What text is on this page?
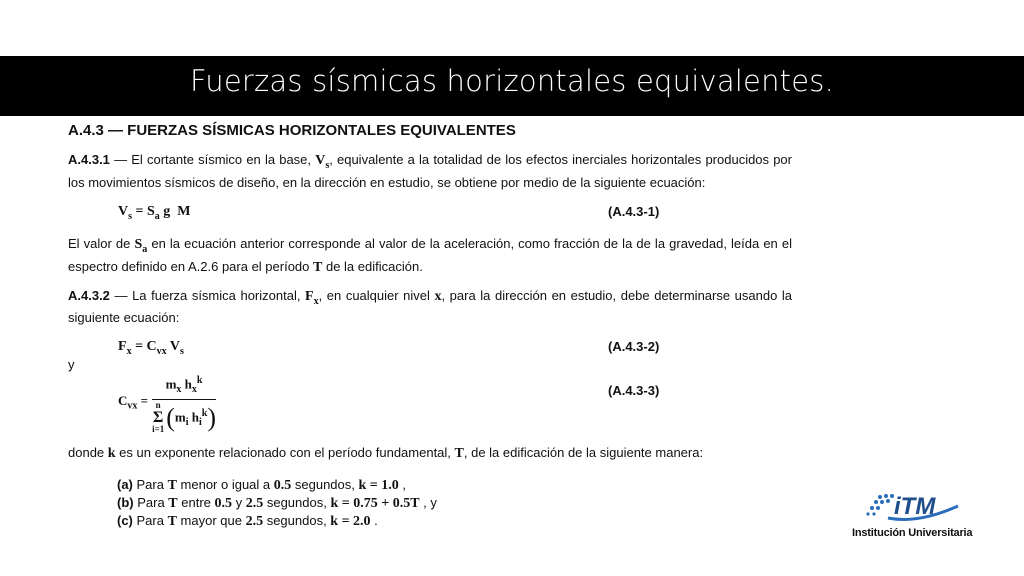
Fuerzas sísmicas horizontales equivalentes.
A.4.3 — FUERZAS SÍSMICAS HORIZONTALES EQUIVALENTES

A.4.3.1 — El cortante sísmico en la base, $V_s$, equivalente a la totalidad de los efectos inerciales horizontales producidos por los movimientos sísmicos de diseño, en la dirección en estudio, se obtiene por medio de la siguiente ecuación:

$V_s = S_a$ g  M	(A.4.3-1)

El valor de $S_a$ en la ecuación anterior corresponde al valor de la aceleración, como fracción de la de la gravedad, leída en el espectro definido en A.2.6 para el período T de la edificación.

A.4.3.2 — La fuerza sísmica horizontal, $F_x$, en cualquier nivel x, para la dirección en estudio, debe determinarse usando la siguiente ecuación:

$F_x = C_{vx}$ $V_s$	(A.4.3-2)
y
$C_{vx} = m_x$ $h_x^k$
n
Σ
i=1 ( $m_i$ $h_i^k$ )	(A.4.3-3)

donde k es un exponente relacionado con el período fundamental, T, de la edificación de la siguiente manera:

(a) Para T menor o igual a 0.5 segundos, k = 1.0 ,
(b) Para T entre 0.5 y 2.5 segundos, k = 0.75 + 0.5T , y
(c) Para T mayor que 2.5 segundos, k = 2.0 .
iTM
Institución Universitaria
